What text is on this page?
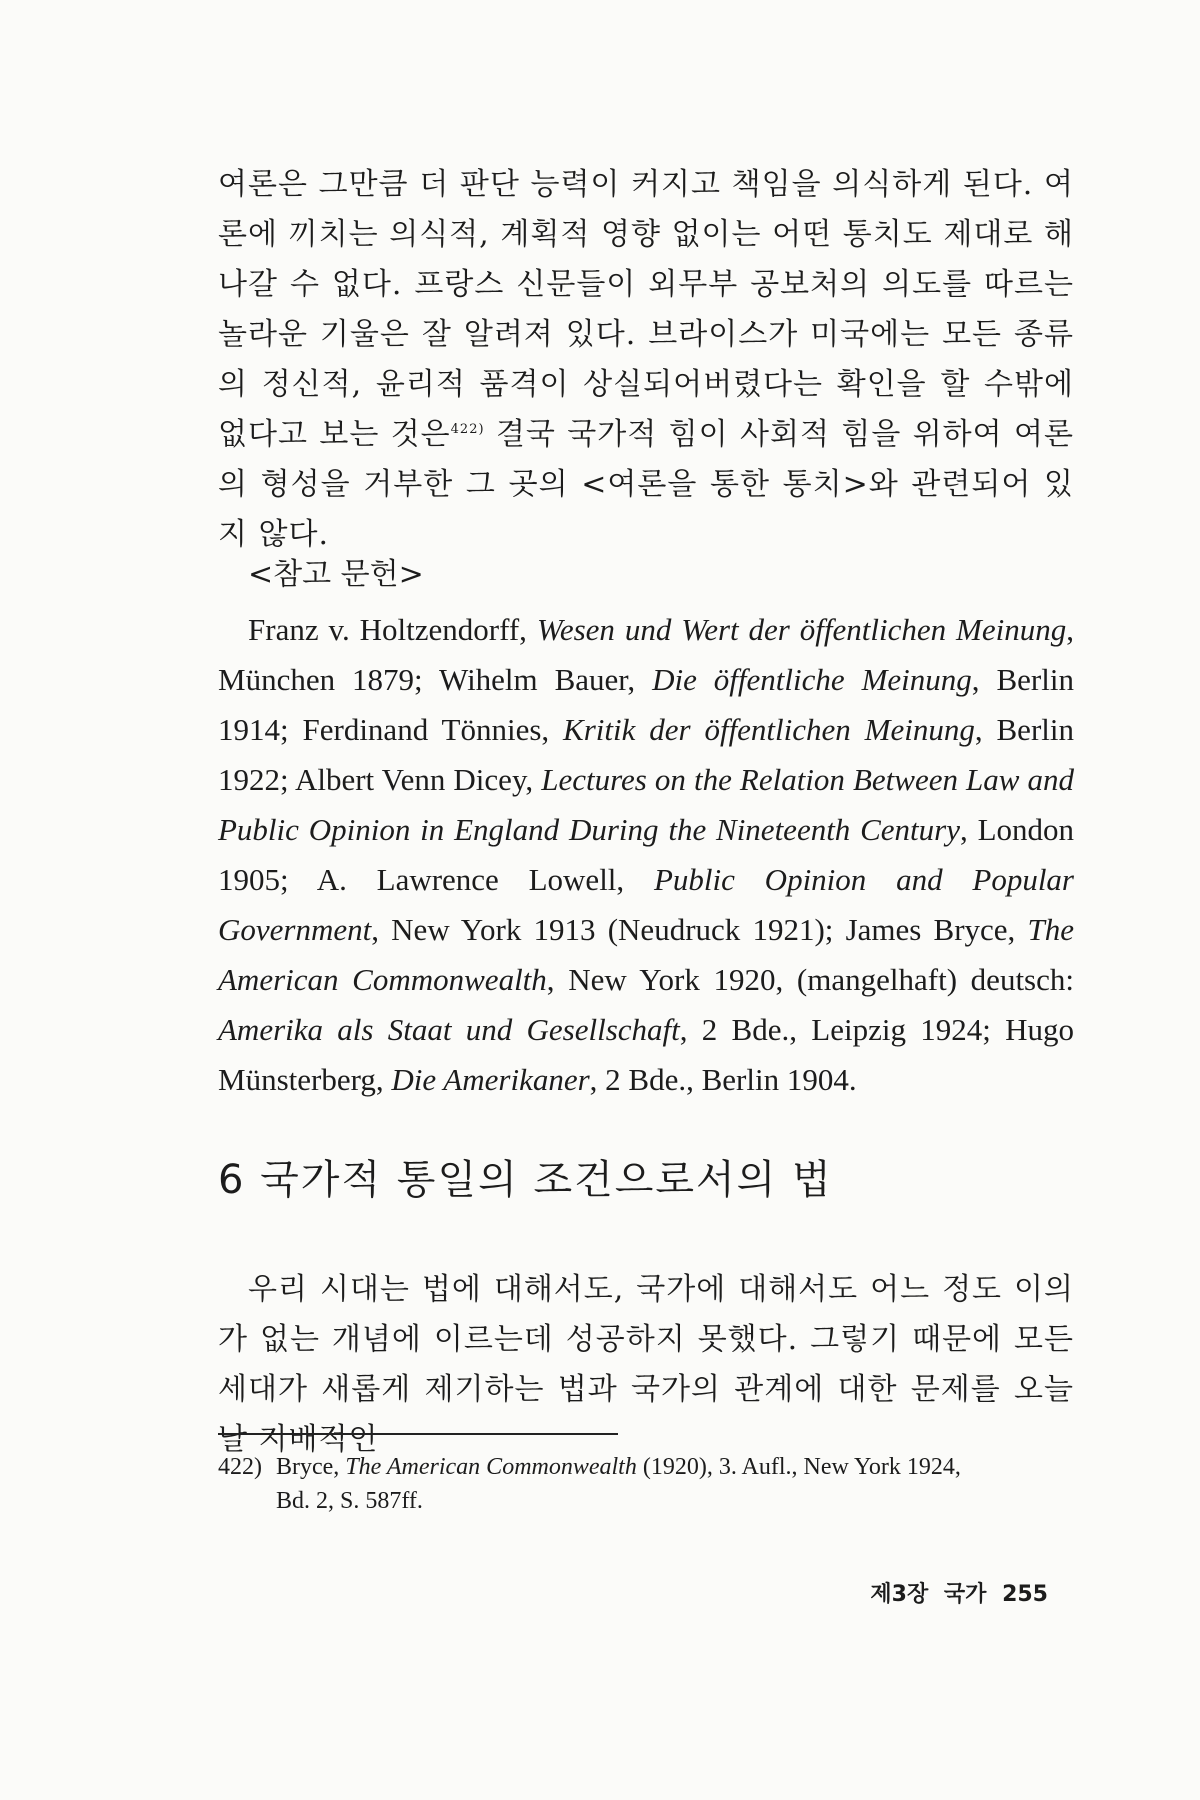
여론은 그만큼 더 판단 능력이 커지고 책임을 의식하게 된다. 여론에 끼치는 의식적, 계획적 영향 없이는 어떤 통치도 제대로 해나갈 수 없다. 프랑스 신문들이 외무부 공보처의 의도를 따르는 놀라운 기울은 잘 알려져 있다. 브라이스가 미국에는 모든 종류의 정신적, 윤리적 품격이 상실되어버렸다는 확인을 할 수밖에 없다고 보는 것은$^{422)}$ 결국 국가적 힘이 사회적 힘을 위하여 여론의 형성을 거부한 그 곳의 <여론을 통한 통치>와 관련되어 있지 않다.

<참고 문헌>

Franz v. Holtzendorff, Wesen und Wert der öffentlichen Meinung, München 1879; Wihelm Bauer, Die öffentliche Meinung, Berlin 1914; Ferdinand Tönnies, Kritik der öffentlichen Meinung, Berlin 1922; Albert Venn Dicey, Lectures on the Relation Between Law and Public Opinion in England During the Nineteenth Century, London 1905; A. Lawrence Lowell, Public Opinion and Popular Government, New York 1913 (Neudruck 1921); James Bryce, The American Commonwealth, New York 1920, (mangelhaft) deutsch: Amerika als Staat und Gesellschaft, 2 Bde., Leipzig 1924; Hugo Münsterberg, Die Amerikaner, 2 Bde., Berlin 1904.

6 국가적 통일의 조건으로서의 법

우리 시대는 법에 대해서도, 국가에 대해서도 어느 정도 이의가 없는 개념에 이르는데 성공하지 못했다. 그렇기 때문에 모든 세대가 새롭게 제기하는 법과 국가의 관계에 대한 문제를 오늘날 지배적인

422) Bryce, The American Commonwealth (1920), 3. Aufl., New York 1924,
Bd. 2, S. 587ff.
제3장 국가 255
